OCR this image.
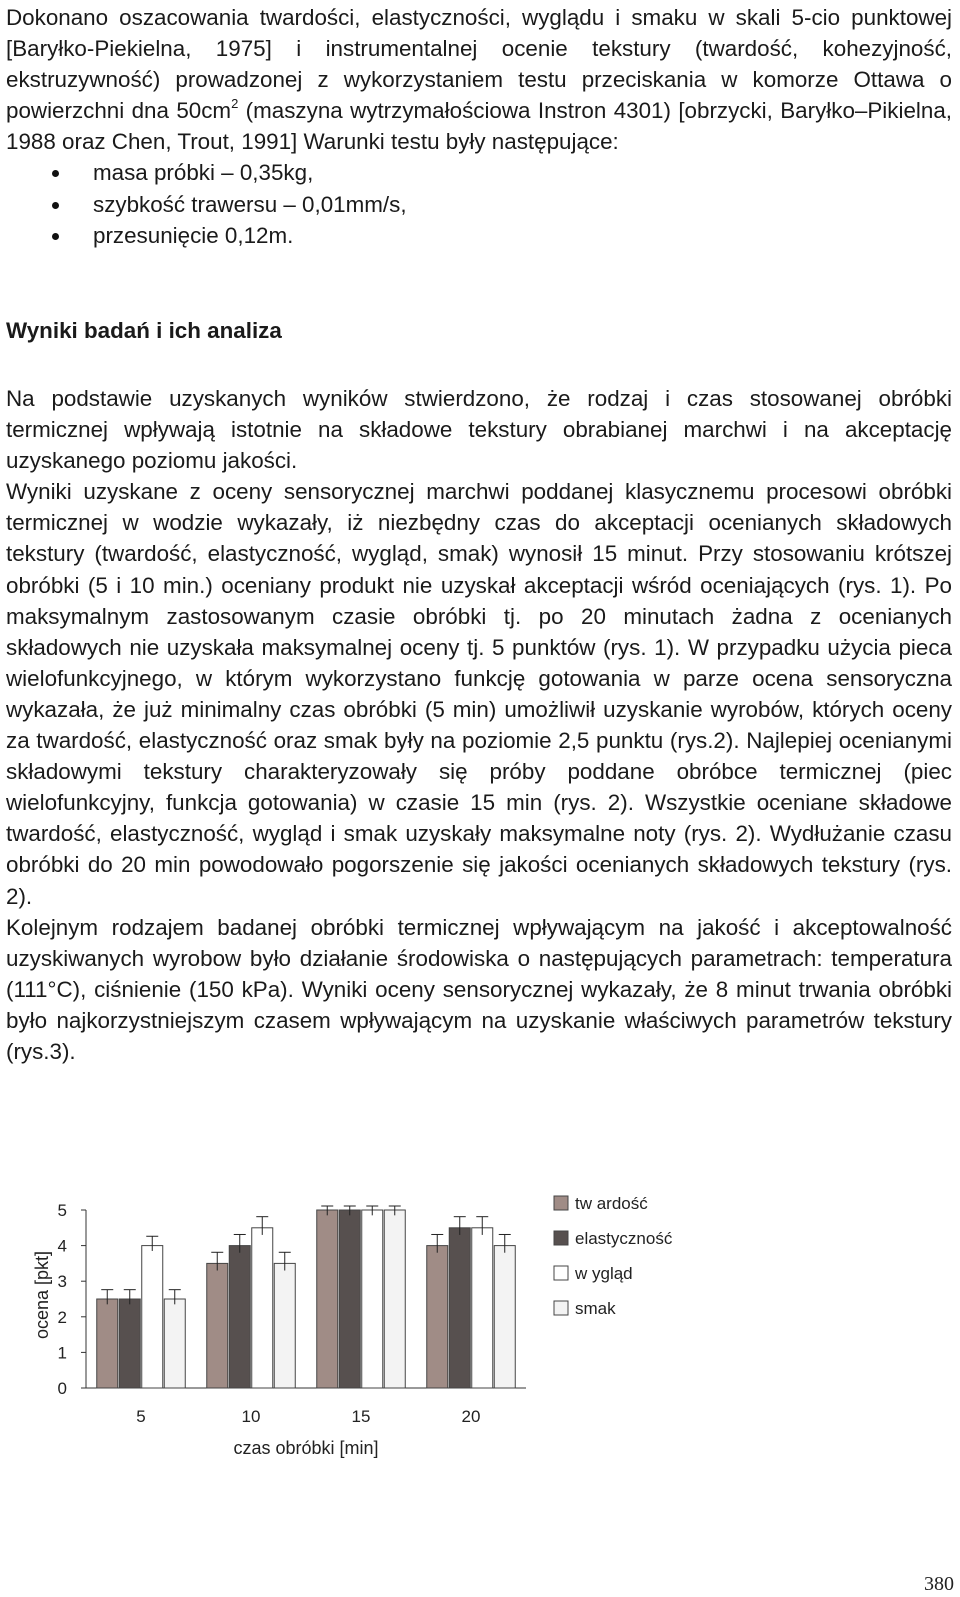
Dokonano oszacowania twardości, elastyczności, wyglądu i smaku w skali 5-cio punktowej [Baryłko-Piekielna, 1975] i instrumentalnej ocenie tekstury (twardość, kohezyjność, ekstruzywność) prowadzonej z wykorzystaniem testu przeciskania w komorze Ottawa o powierzchni dna $50cm^2$ (maszyna wytrzymałościowa Instron 4301) [obrzycki, Baryłko–Pikielna, 1988 oraz Chen, Trout, 1991] Warunki testu były następujące:

masa próbki – 0,35kg,
szybkość trawersu – 0,01mm/s,
przesunięcie 0,12m.
Wyniki badań i ich analiza

Na podstawie uzyskanych wyników stwierdzono, że rodzaj i czas stosowanej obróbki termicznej wpływają istotnie na składowe tekstury obrabianej marchwi i na akceptację uzyskanego poziomu jakości.

Wyniki uzyskane z oceny sensorycznej marchwi poddanej klasycznemu procesowi obróbki termicznej w wodzie wykazały, iż niezbędny czas do akceptacji ocenianych składowych tekstury (twardość, elastyczność, wygląd, smak) wynosił 15 minut. Przy stosowaniu krótszej obróbki (5 i 10 min.) oceniany produkt nie uzyskał akceptacji wśród oceniających (rys. 1). Po maksymalnym zastosowanym czasie obróbki tj. po 20 minutach żadna z ocenianych składowych nie uzyskała maksymalnej oceny tj. 5 punktów (rys. 1). W przypadku użycia pieca wielofunkcyjnego, w którym wykorzystano funkcję gotowania w parze ocena sensoryczna wykazała, że już minimalny czas obróbki (5 min) umożliwił uzyskanie wyrobów, których oceny za twardość, elastyczność oraz smak były na poziomie 2,5 punktu (rys.2). Najlepiej ocenianymi składowymi tekstury charakteryzowały się próby poddane obróbce termicznej (piec wielofunkcyjny, funkcja gotowania) w czasie 15 min (rys. 2). Wszystkie oceniane składowe twardość, elastyczność, wygląd i smak uzyskały maksymalne noty (rys. 2). Wydłużanie czasu obróbki do 20 min powodowało pogorszenie się jakości ocenianych składowych tekstury (rys. 2).

Kolejnym rodzajem badanej obróbki termicznej wpływającym na jakość i akceptowalność uzyskiwanych wyrobow było działanie środowiska o następujących parametrach: temperatura (111°C), ciśnienie (150 kPa). Wyniki oceny sensorycznej wykazały, że 8 minut trwania obróbki było najkorzystniejszym czasem wpływającym na uzyskanie właściwych parametrów tekstury (rys.3).

0
1
2
3
4
5
ocena [pkt]
5	10	15	20
czas obróbki [min]
tw ardość
elastyczność
w ygląd
smak
380
